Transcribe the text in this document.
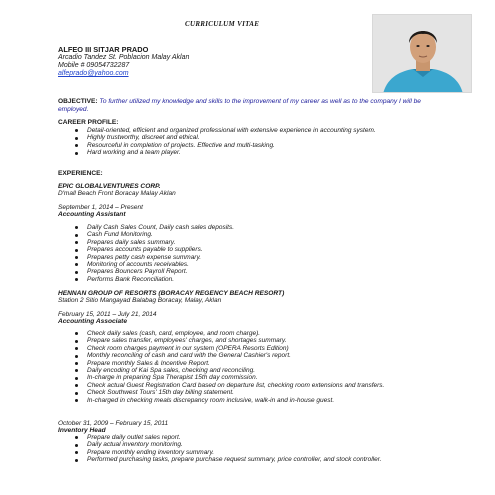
CURRICULUM VITAE
ALFEO III SITJAR PRADO
Arcadio Tandez St. Poblacion Malay Aklan
Mobile # 09054732287
alfeprado@yahoo.com
OBJECTIVE: To further utilized my knowledge and skills to the improvement of my career as well as to the company I will be employed.
CAREER PROFILE:
Detail-oriented, efficient and organized professional with extensive experience in accounting system.
Highly trustworthy, discreet and ethical.
Resourceful in completion of projects. Effective and multi-tasking.
Hard working and a team player.
EXPERIENCE:
EPIC GLOBALVENTURES CORP.
D'mall Beach Front Boracay Malay Aklan
September 1, 2014 – Present
Accounting Assistant
Daily Cash Sales Count, Daily cash sales deposits.
Cash Fund Monitoring.
Prepares daily sales summary.
Prepares accounts payable to suppliers.
Prepares petty cash expense summary.
Monitoring of accounts receivables.
Prepares Bouncers Payroll Report.
Performs Bank Reconciliation.
HENNAN GROUP OF RESORTS (BORACAY REGENCY BEACH RESORT)
Station 2 Sitio Mangayad Balabag Boracay, Malay, Aklan
February 15, 2011 – July 21, 2014
Accounting Associate
Check daily sales (cash, card, employee, and room charge).
Prepare sales transfer, employees' charges, and shortages summary.
Check room charges payment in our system (OPERA Resorts Edition)
Monthly reconciling of cash and card with the General Cashier's report.
Prepare monthly Sales & Incentive Report.
Daily encoding of Kai Spa sales, checking and reconciling.
In-charge in preparing Spa Therapist 15th day commission.
Check actual Guest Registration Card based on departure list, checking room extensions and transfers.
Check Southwest Tours' 15th day billing statement.
In-charged in checking meals discrepancy room inclusive, walk-in and in-house guest.
October 31, 2009 – February 15, 2011
Inventory Head
Prepare daily outlet sales report.
Daily actual inventory monitoring.
Prepare monthly ending inventory summary.
Performed purchasing tasks, prepare purchase request summary, price controller, and stock controller.
